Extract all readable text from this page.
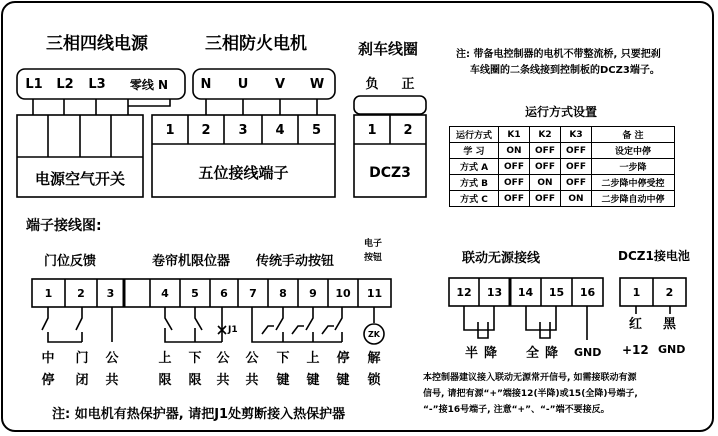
三相四线电源
L1 L2 L3	零线 N
电源空气开关
三相防火电机
N	U	V	W
1	2	3	4	5
五位接线端子
刹车线圈
负	正
1	2
DCZ3
注: 带备电控制器的电机不带整流桥, 只要把刹
车线圈的二条线接到控制板的DCZ3端子。
运行方式设置
运行方式	K1	K2	K3	备 注
学 习	ON	OFF	OFF	设定中停
方式 A	OFF	OFF	OFF	一步降
方式 B	OFF	ON	OFF	二步降中停受控
方式 C	OFF	OFF	ON	二步降自动中停
端子接线图:
门位反馈	卷帘机限位器 传统手动按钮
电子
按钮
1	2	3	4	5	6	7	8	9	10	11
J1	ZK
中
停
门
闭
公
共
上
限
下
限
公
共
公
共
下
键
上
键
停
键
解
锁
联动无源接线
12	13	14	15	16
半降 全降 GND
DCZ1接电池
1	2
红 黑
+12 GND
本控制器建议接入联动无源常开信号, 如需接联动有源
信号, 请把有源“+”端接12(半降)或15(全降)号端子,
“-”接16号端子, 注意“+”、“-”端不要接反。
注: 如电机有热保护器, 请把J1处剪断接入热保护器
